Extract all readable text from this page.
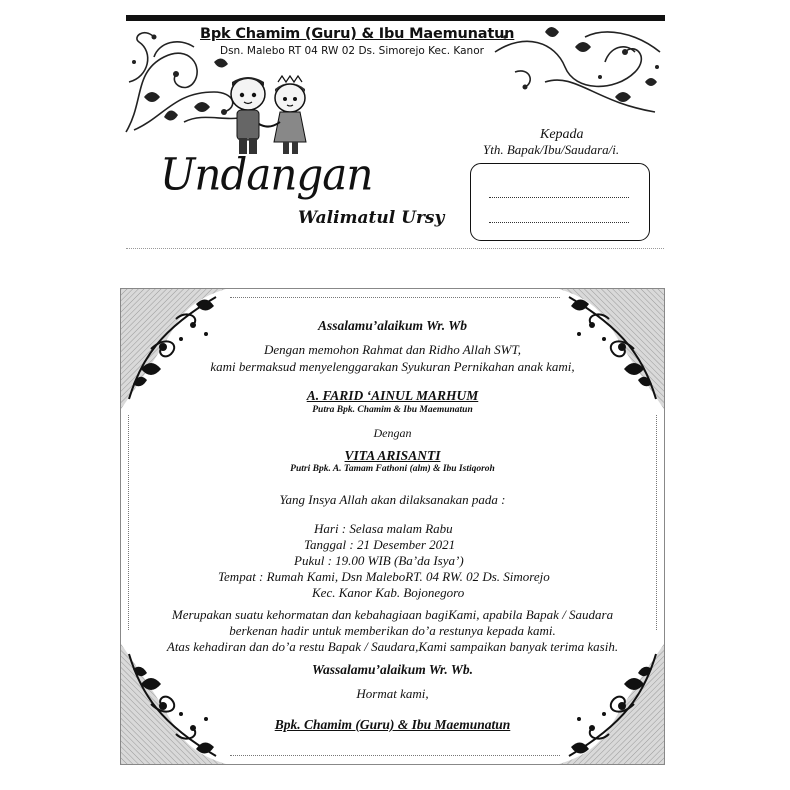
Bpk Chamim (Guru) & Ibu Maemunatun
Dsn. Malebo RT 04 RW 02 Ds. Simorejo Kec. Kanor
Undangan
Walimatul Ursy
Kepada
Yth. Bapak/Ibu/Saudara/i.
Assalamu’alaikum Wr. Wb
Dengan memohon Rahmat dan Ridho Allah SWT,
kami bermaksud menyelenggarakan Syukuran Pernikahan anak kami,
A. FARID ‘AINUL MARHUM
Putra Bpk. Chamim & Ibu Maemunatun
Dengan
VITA ARISANTI
Putri Bpk. A. Tamam Fathoni (alm) & Ibu Istiqoroh
Yang Insya Allah akan dilaksanakan pada :
Hari : Selasa malam Rabu
Tanggal : 21 Desember 2021
Pukul : 19.00 WIB (Ba’da Isya’)
Tempat : Rumah Kami, Dsn MaleboRT. 04 RW. 02 Ds. Simorejo
Kec. Kanor Kab. Bojonegoro
Merupakan suatu kehormatan dan kebahagiaan bagiKami, apabila Bapak / Saudara
berkenan hadir untuk memberikan do’a restunya kepada kami.
Atas kehadiran dan do’a restu Bapak / Saudara,Kami sampaikan banyak terima kasih.
Wassalamu’alaikum Wr. Wb.
Hormat kami,
Bpk. Chamim (Guru) & Ibu Maemunatun
